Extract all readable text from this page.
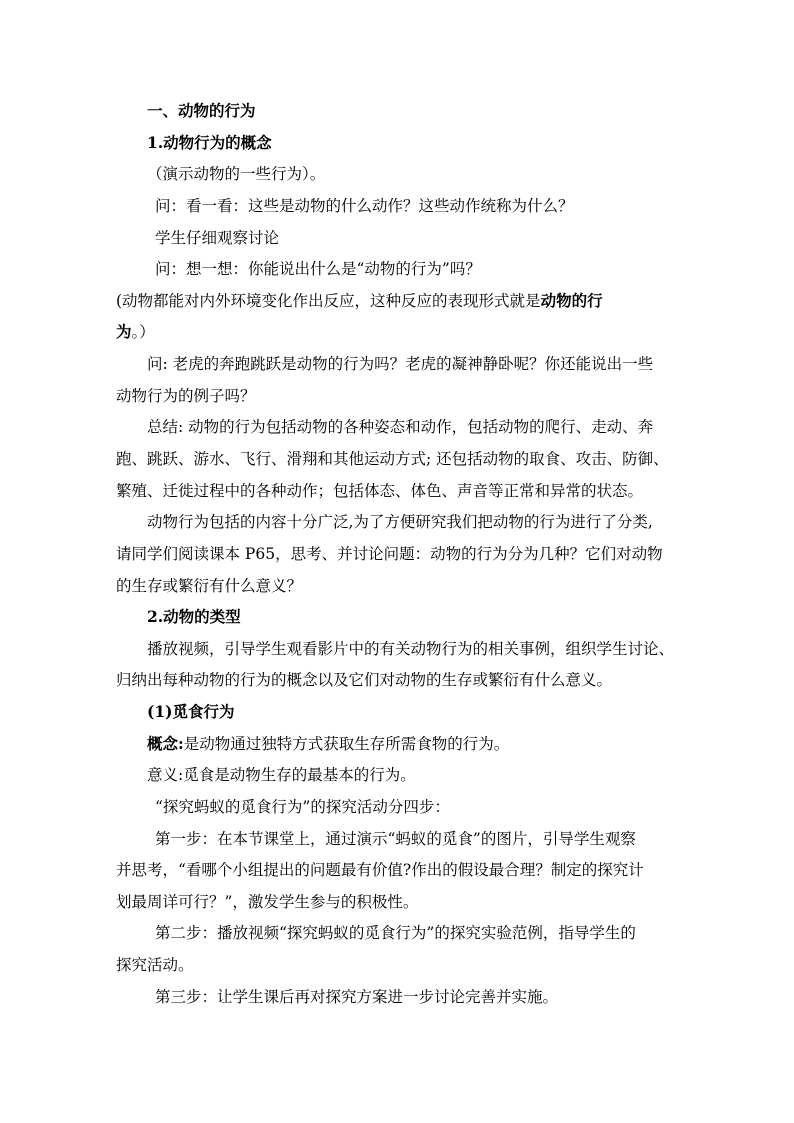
一、动物的行为
1.动物行为的概念
（演示动物的一些行为）。
问：看一看：这些是动物的什么动作？这些动作统称为什么？
学生仔细观察讨论
问：想一想：你能说出什么是“动物的行为”吗？
(动物都能对内外环境变化作出反应，这种反应的表现形式就是动物的行
为。）
问: 老虎的奔跑跳跃是动物的行为吗？老虎的凝神静卧呢？你还能说出一些
动物行为的例子吗？
总结: 动物的行为包括动物的各种姿态和动作，包括动物的爬行、走动、奔
跑、跳跃、游水、飞行、滑翔和其他运动方式; 还包括动物的取食、攻击、防御、
繁殖、迁徙过程中的各种动作；包括体态、体色、声音等正常和异常的状态。
动物行为包括的内容十分广泛,为了方便研究我们把动物的行为进行了分类,
请同学们阅读课本 P65，思考、并讨论问题：动物的行为分为几种？它们对动物
的生存或繁衍有什么意义？
2.动物的类型
播放视频，引导学生观看影片中的有关动物行为的相关事例，组织学生讨论、
归纳出每种动物的行为的概念以及它们对动物的生存或繁衍有什么意义。
(1)觅食行为
概念:是动物通过独特方式获取生存所需食物的行为。
意义:觅食是动物生存的最基本的行为。
“探究蚂蚁的觅食行为”的探究活动分四步：
第一步：在本节课堂上，通过演示“蚂蚁的觅食”的图片，引导学生观察
并思考，“看哪个小组提出的问题最有价值?作出的假设最合理？制定的探究计
划最周详可行？”，激发学生参与的积极性。
第二步：播放视频“探究蚂蚁的觅食行为”的探究实验范例，指导学生的
探究活动。
第三步：让学生课后再对探究方案进一步讨论完善并实施。
